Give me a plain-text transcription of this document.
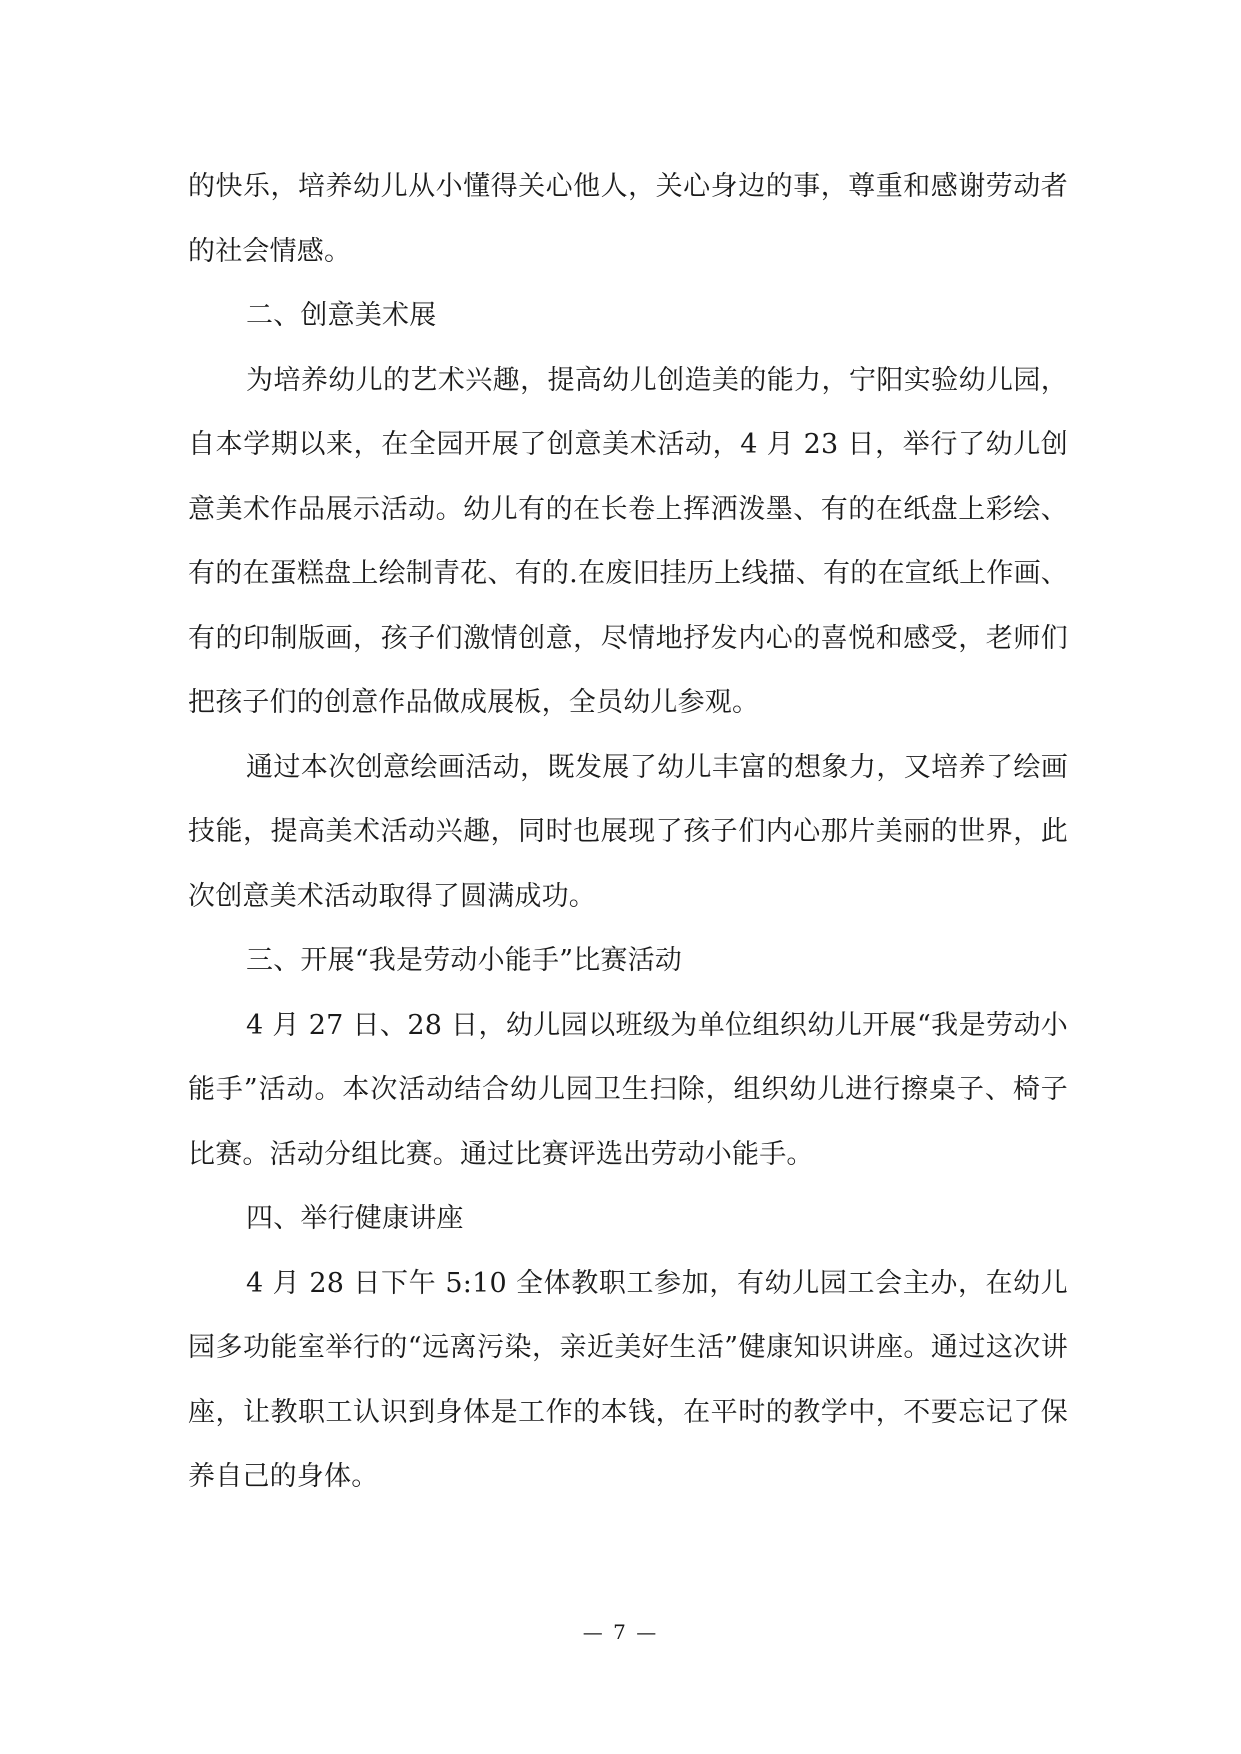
的快乐，培养幼儿从小懂得关心他人，关心身边的事，尊重和感谢劳动者的社会情感。

二、创意美术展

为培养幼儿的艺术兴趣，提高幼儿创造美的能力，宁阳实验幼儿园，自本学期以来，在全园开展了创意美术活动，4 月 23 日，举行了幼儿创意美术作品展示活动。幼儿有的在长卷上挥洒泼墨、有的在纸盘上彩绘、有的在蛋糕盘上绘制青花、有的.在废旧挂历上线描、有的在宣纸上作画、有的印制版画，孩子们激情创意，尽情地抒发内心的喜悦和感受，老师们把孩子们的创意作品做成展板，全员幼儿参观。

通过本次创意绘画活动，既发展了幼儿丰富的想象力，又培养了绘画技能，提高美术活动兴趣，同时也展现了孩子们内心那片美丽的世界，此次创意美术活动取得了圆满成功。

三、开展“我是劳动小能手”比赛活动

4 月 27 日、28 日，幼儿园以班级为单位组织幼儿开展“我是劳动小能手”活动。本次活动结合幼儿园卫生扫除，组织幼儿进行擦桌子、椅子比赛。活动分组比赛。通过比赛评选出劳动小能手。

四、举行健康讲座

4 月 28 日下午 5:10 全体教职工参加，有幼儿园工会主办，在幼儿园多功能室举行的“远离污染，亲近美好生活”健康知识讲座。通过这次讲座，让教职工认识到身体是工作的本钱，在平时的教学中，不要忘记了保养自己的身体。

— 7 —
